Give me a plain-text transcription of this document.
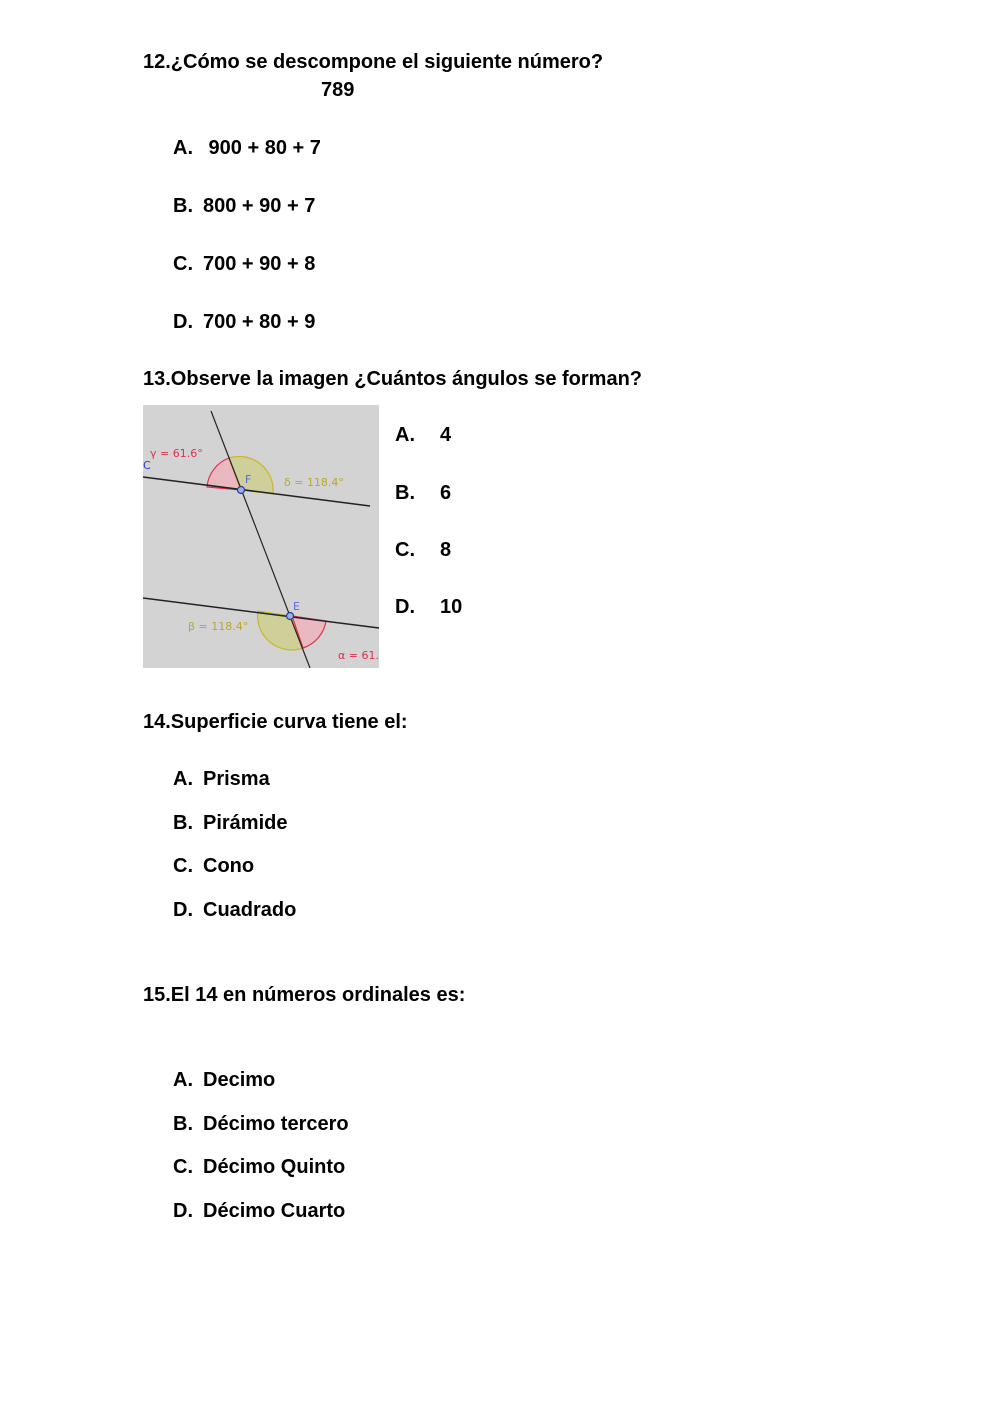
12.¿Cómo se descompone el siguiente número?
789
A. 900 + 80 + 7
B. 800 + 90 + 7
C. 700 + 90 + 8
D. 700 + 80 + 9
13.Observe la imagen ¿Cuántos ángulos se forman?
γ = 61.6°
C
F	δ = 118.4°
E
β = 118.4°
α = 61.
A. 4
B. 6
C. 8
D. 10
14.Superficie curva tiene el:
A. Prisma
B. Pirámide
C. Cono
D. Cuadrado
15.El 14 en números ordinales es:
A. Decimo
B. Décimo tercero
C. Décimo Quinto
D. Décimo Cuarto
